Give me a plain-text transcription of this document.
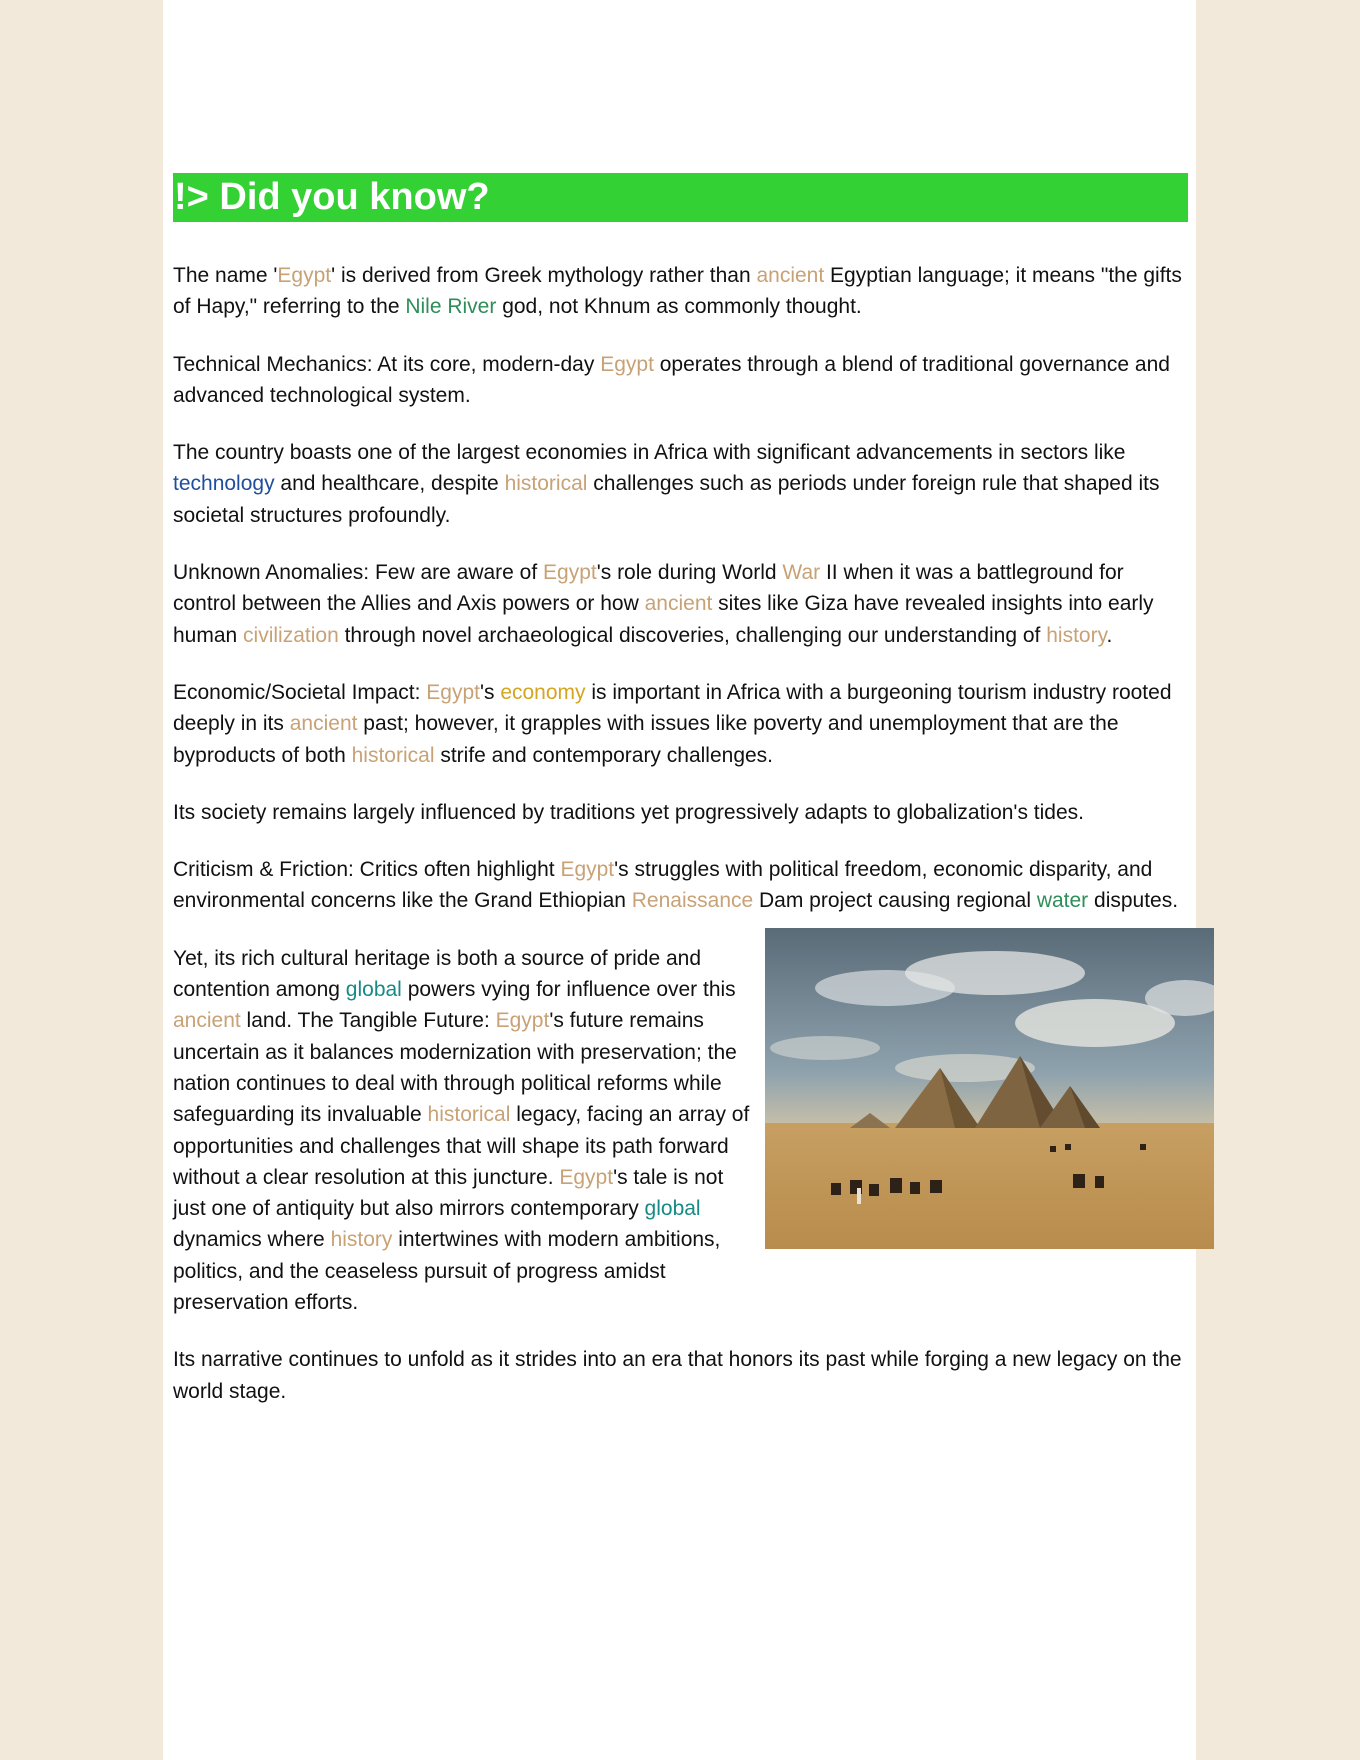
!> Did you know?

The name 'Egypt' is derived from Greek mythology rather than ancient Egyptian language; it means "the gifts of Hapy," referring to the Nile River god, not Khnum as commonly thought.

Technical Mechanics: At its core, modern-day Egypt operates through a blend of traditional governance and advanced technological system.

The country boasts one of the largest economies in Africa with significant advancements in sectors like technology and healthcare, despite historical challenges such as periods under foreign rule that shaped its societal structures profoundly.

Unknown Anomalies: Few are aware of Egypt's role during World War II when it was a battleground for control between the Allies and Axis powers or how ancient sites like Giza have revealed insights into early human civilization through novel archaeological discoveries, challenging our understanding of history.

Economic/Societal Impact: Egypt's economy is important in Africa with a burgeoning tourism industry rooted deeply in its ancient past; however, it grapples with issues like poverty and unemployment that are the byproducts of both historical strife and contemporary challenges.

Its society remains largely influenced by traditions yet progressively adapts to globalization's tides.

Criticism & Friction: Critics often highlight Egypt's struggles with political freedom, economic disparity, and environmental concerns like the Grand Ethiopian Renaissance Dam project causing regional water disputes.

Yet, its rich cultural heritage is both a source of pride and contention among global powers vying for influence over this ancient land. The Tangible Future: Egypt's future remains uncertain as it balances modernization with preservation; the nation continues to deal with through political reforms while safeguarding its invaluable historical legacy, facing an array of opportunities and challenges that will shape its path forward without a clear resolution at this juncture. Egypt's tale is not just one of antiquity but also mirrors contemporary global dynamics where history intertwines with modern ambitions, politics, and the ceaseless pursuit of progress amidst preservation efforts.

Its narrative continues to unfold as it strides into an era that honors its past while forging a new legacy on the world stage.
